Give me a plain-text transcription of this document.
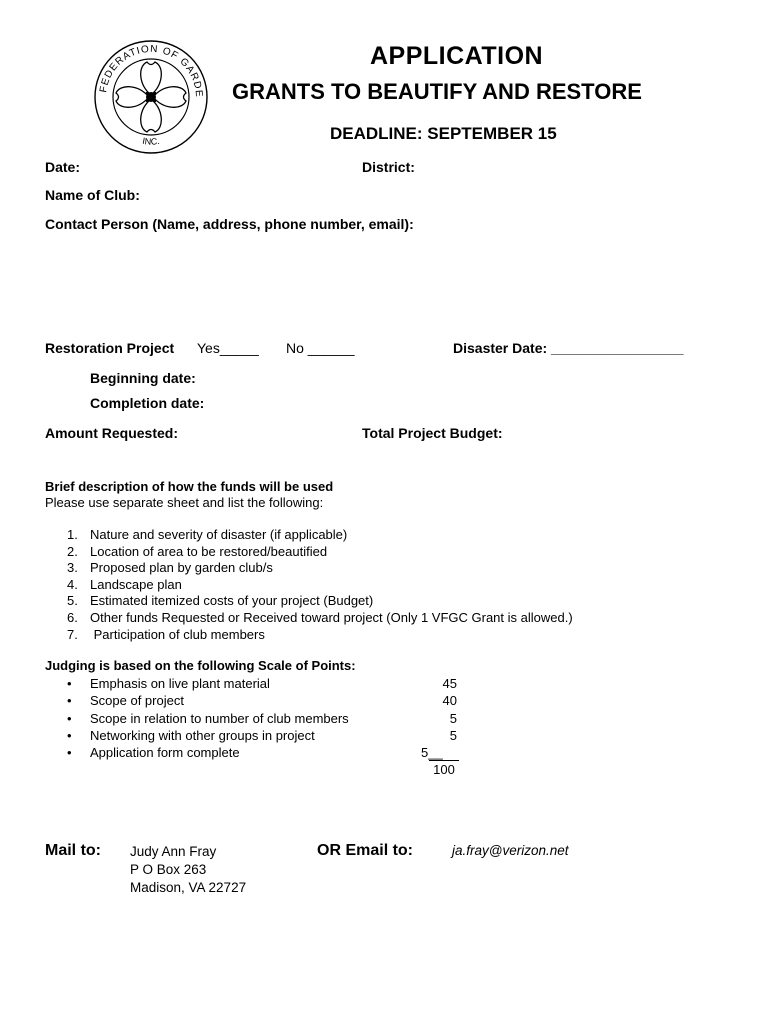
FEDERATION OF GARDE
INC.
APPLICATION
GRANTS TO BEAUTIFY AND RESTORE
DEADLINE: SEPTEMBER 15
Date:	District:
Name of Club:
Contact Person (Name, address, phone number, email):
Restoration Project Yes_____ No ______	Disaster Date: _________________
Beginning date:
Completion date:
Amount Requested:	Total Project Budget:
Brief description of how the funds will be used
Please use separate sheet and list the following:
1. Nature and severity of disaster (if applicable)
2. Location of area to be restored/beautified
3. Proposed plan by garden club/s
4. Landscape plan
5. Estimated itemized costs of your project (Budget)
6. Other funds Requested or Received toward project (Only 1 VFGC Grant is allowed.)
7. Participation of club members
Judging is based on the following Scale of Points:
•	Emphasis on live plant material	45
•	Scope of project	40
•	Scope in relation to number of club members	5
•	Networking with other groups in project	5
•	Application form complete	5__
100
Mail to: Judy Ann Fray
P O Box 263
Madison, VA 22727
OR Email to:	ja.fray@verizon.net
